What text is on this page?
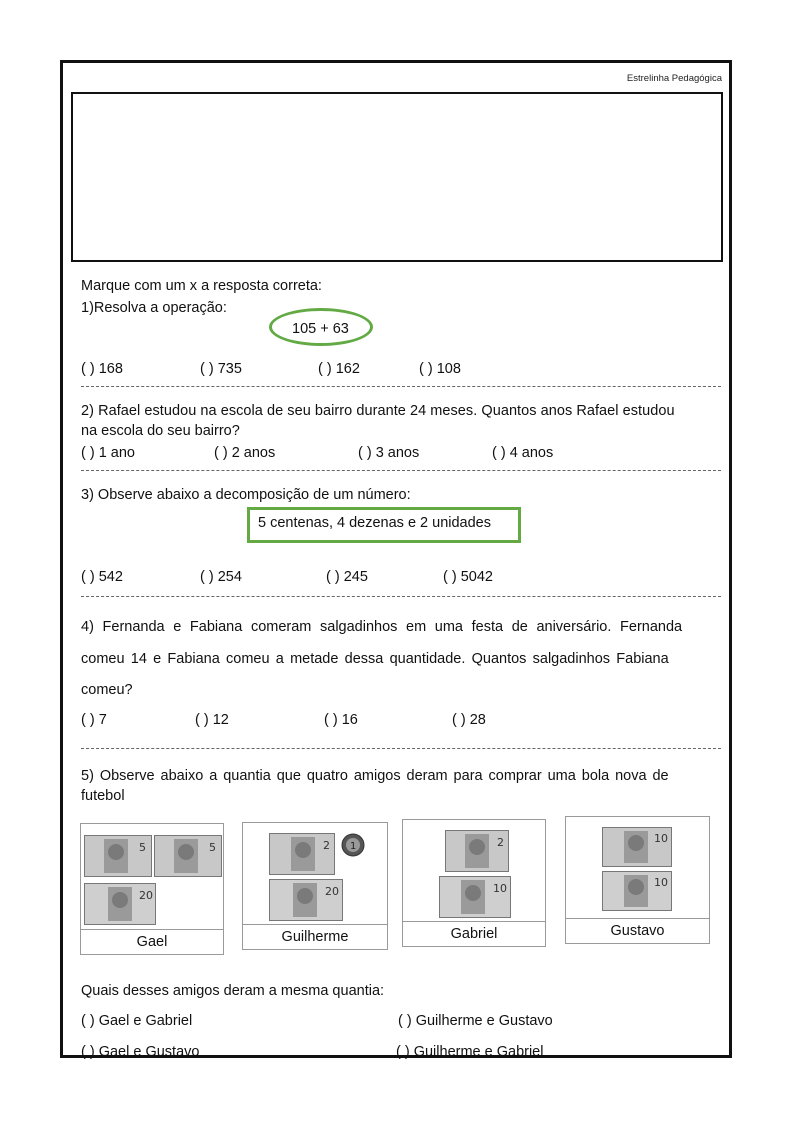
Estrelinha Pedagógica
Marque com um x a resposta correta:
1)Resolva a operação:
105 + 63
( ) 168	( ) 735	( ) 162	( ) 108
2) Rafael estudou na escola de seu bairro durante 24 meses. Quantos anos Rafael estudou
na escola do seu bairro?
( ) 1 ano	( ) 2 anos	( ) 3 anos	( ) 4 anos
3) Observe abaixo a decomposição de um número:
5 centenas, 4 dezenas e 2 unidades
( ) 542	( ) 254	( ) 245	( ) 5042
4) Fernanda e Fabiana comeram salgadinhos em uma festa de aniversário. Fernanda
comeu 14 e Fabiana comeu a metade dessa quantidade. Quantos salgadinhos Fabiana
comeu?
( ) 7	( ) 12	( ) 16	( ) 28
5) Observe abaixo a quantia que quatro amigos deram para comprar uma bola nova de
futebol
5	5
20
Gael
2 1
20
Guilherme
2
10
Gabriel
10
10
Gustavo
Quais desses amigos deram a mesma quantia:
( ) Gael e Gabriel	( ) Guilherme e Gustavo
( ) Gael e Gustavo	( ) Guilherme e Gabriel
